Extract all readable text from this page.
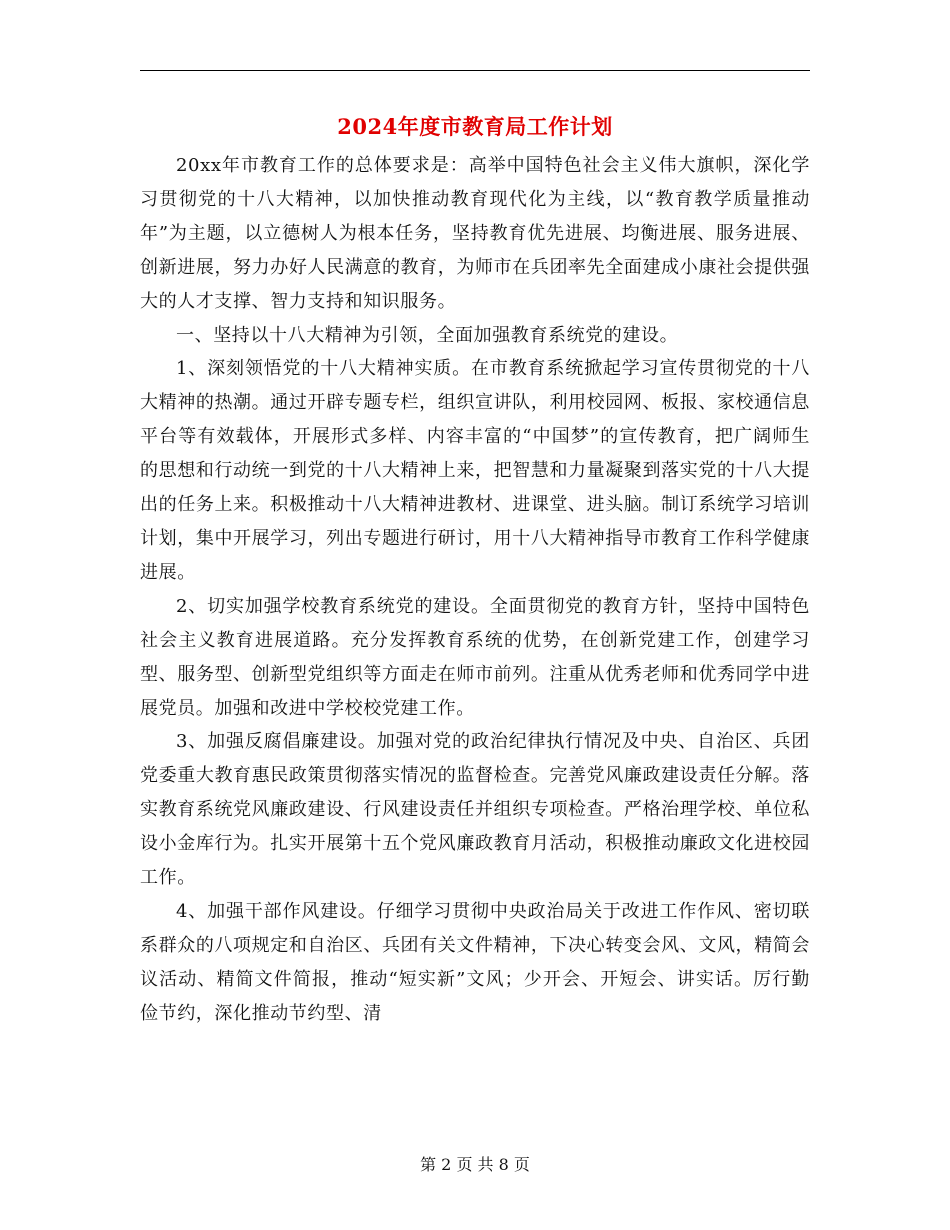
2024年度市教育局工作计划

20xx年市教育工作的总体要求是：高举中国特色社会主义伟大旗帜，深化学习贯彻党的十八大精神，以加快推动教育现代化为主线，以“教育教学质量推动年”为主题，以立德树人为根本任务，坚持教育优先进展、均衡进展、服务进展、创新进展，努力办好人民满意的教育，为师市在兵团率先全面建成小康社会提供强大的人才支撑、智力支持和知识服务。

一、坚持以十八大精神为引领，全面加强教育系统党的建设。

1、深刻领悟党的十八大精神实质。在市教育系统掀起学习宣传贯彻党的十八大精神的热潮。通过开辟专题专栏，组织宣讲队，利用校园网、板报、家校通信息平台等有效载体，开展形式多样、内容丰富的“中国梦”的宣传教育，把广阔师生的思想和行动统一到党的十八大精神上来，把智慧和力量凝聚到落实党的十八大提出的任务上来。积极推动十八大精神进教材、进课堂、进头脑。制订系统学习培训计划，集中开展学习，列出专题进行研讨，用十八大精神指导市教育工作科学健康进展。

2、切实加强学校教育系统党的建设。全面贯彻党的教育方针，坚持中国特色社会主义教育进展道路。充分发挥教育系统的优势，在创新党建工作，创建学习型、服务型、创新型党组织等方面走在师市前列。注重从优秀老师和优秀同学中进展党员。加强和改进中学校校党建工作。

3、加强反腐倡廉建设。加强对党的政治纪律执行情况及中央、自治区、兵团党委重大教育惠民政策贯彻落实情况的监督检查。完善党风廉政建设责任分解。落实教育系统党风廉政建设、行风建设责任并组织专项检查。严格治理学校、单位私设小金库行为。扎实开展第十五个党风廉政教育月活动，积极推动廉政文化进校园工作。

4、加强干部作风建设。仔细学习贯彻中央政治局关于改进工作作风、密切联系群众的八项规定和自治区、兵团有关文件精神，下决心转变会风、文风，精简会议活动、精简文件简报，推动“短实新”文风；少开会、开短会、讲实话。厉行勤俭节约，深化推动节约型、清

第 2 页 共 8 页
